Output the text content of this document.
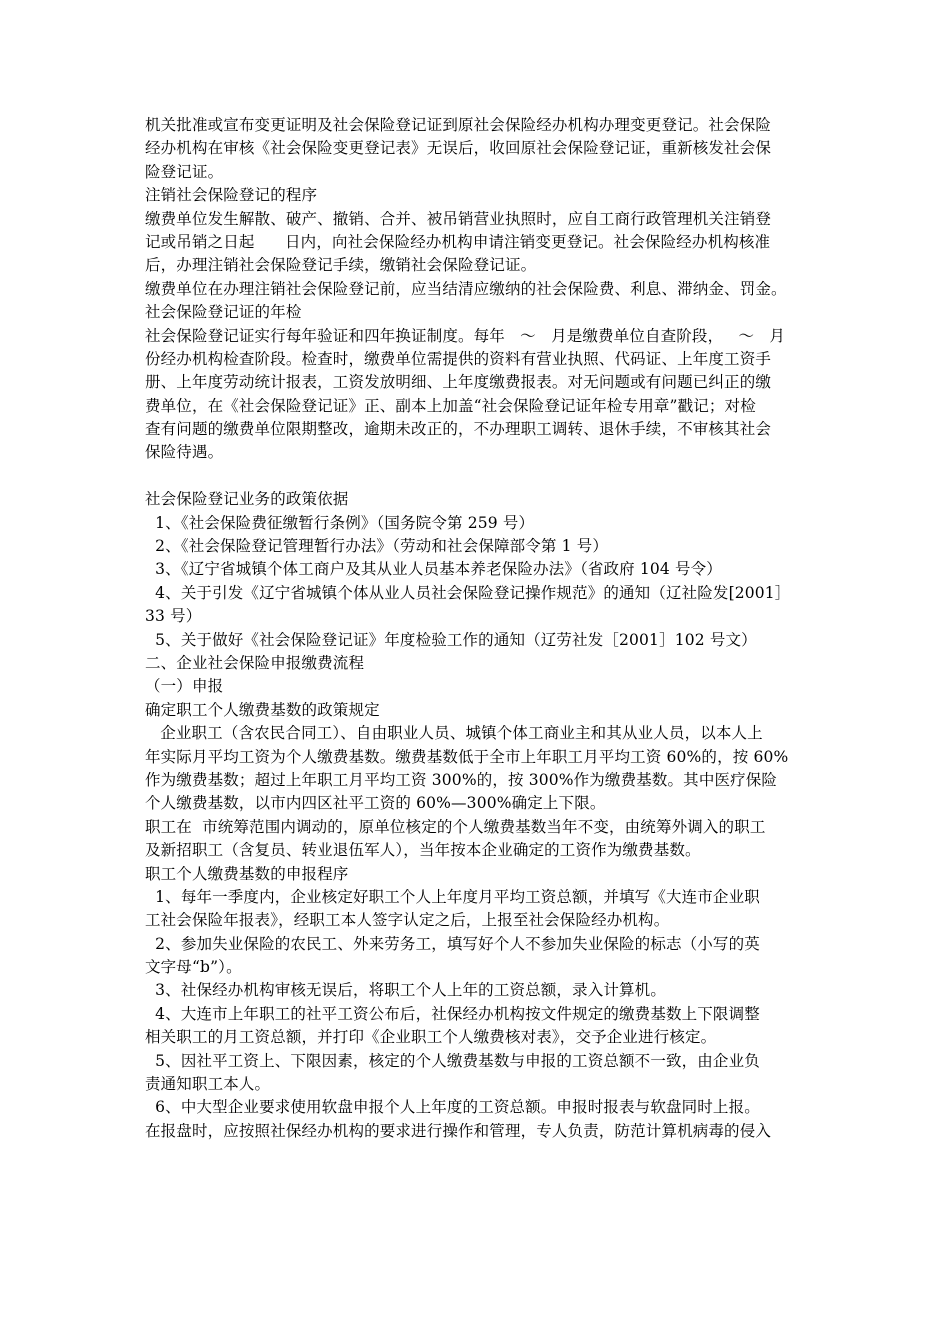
机关批准或宣布变更证明及社会保险登记证到原社会保险经办机构办理变更登记。社会保险
经办机构在审核《社会保险变更登记表》无误后，收回原社会保险登记证，重新核发社会保
险登记证。
注销社会保险登记的程序
缴费单位发生解散、破产、撤销、合并、被吊销营业执照时，应自工商行政管理机关注销登
记或吊销之日起      日内，向社会保险经办机构申请注销变更登记。社会保险经办机构核准
后，办理注销社会保险登记手续，缴销社会保险登记证。
缴费单位在办理注销社会保险登记前，应当结清应缴纳的社会保险费、利息、滞纳金、罚金。
社会保险登记证的年检
社会保险登记证实行每年验证和四年换证制度。每年   ～   月是缴费单位自查阶段，   ～   月
份经办机构检查阶段。检查时，缴费单位需提供的资料有营业执照、代码证、上年度工资手
册、上年度劳动统计报表，工资发放明细、上年度缴费报表。对无问题或有问题已纠正的缴
费单位，在《社会保险登记证》正、副本上加盖“社会保险登记证年检专用章”戳记；对检
查有问题的缴费单位限期整改，逾期未改正的，不办理职工调转、退休手续，不审核其社会
保险待遇。
社会保险登记业务的政策依据
1、《社会保险费征缴暂行条例》（国务院令第 259 号）
2、《社会保险登记管理暂行办法》（劳动和社会保障部令第 1 号）
3、《辽宁省城镇个体工商户及其从业人员基本养老保险办法》（省政府 104 号令）
4、关于引发《辽宁省城镇个体从业人员社会保险登记操作规范》的通知（辽社险发[2001］
33 号）
5、关于做好《社会保险登记证》年度检验工作的通知（辽劳社发［2001］102 号文）
二、企业社会保险申报缴费流程
（一）申报
确定职工个人缴费基数的政策规定
企业职工（含农民合同工）、自由职业人员、城镇个体工商业主和其从业人员，以本人上
年实际月平均工资为个人缴费基数。缴费基数低于全市上年职工月平均工资 60%的，按 60%
作为缴费基数；超过上年职工月平均工资 300%的，按 300%作为缴费基数。其中医疗保险
个人缴费基数，以市内四区社平工资的 60%—300%确定上下限。
职工在  市统筹范围内调动的，原单位核定的个人缴费基数当年不变，由统筹外调入的职工
及新招职工（含复员、转业退伍军人），当年按本企业确定的工资作为缴费基数。
职工个人缴费基数的申报程序
1、每年一季度内，企业核定好职工个人上年度月平均工资总额，并填写《大连市企业职
工社会保险年报表》，经职工本人签字认定之后，上报至社会保险经办机构。
2、参加失业保险的农民工、外来劳务工，填写好个人不参加失业保险的标志（小写的英
文字母“b”）。
3、社保经办机构审核无误后，将职工个人上年的工资总额，录入计算机。
4、大连市上年职工的社平工资公布后，社保经办机构按文件规定的缴费基数上下限调整
相关职工的月工资总额，并打印《企业职工个人缴费核对表》，交予企业进行核定。
5、因社平工资上、下限因素，核定的个人缴费基数与申报的工资总额不一致，由企业负
责通知职工本人。
6、中大型企业要求使用软盘申报个人上年度的工资总额。申报时报表与软盘同时上报。
在报盘时，应按照社保经办机构的要求进行操作和管理，专人负责，防范计算机病毒的侵入
